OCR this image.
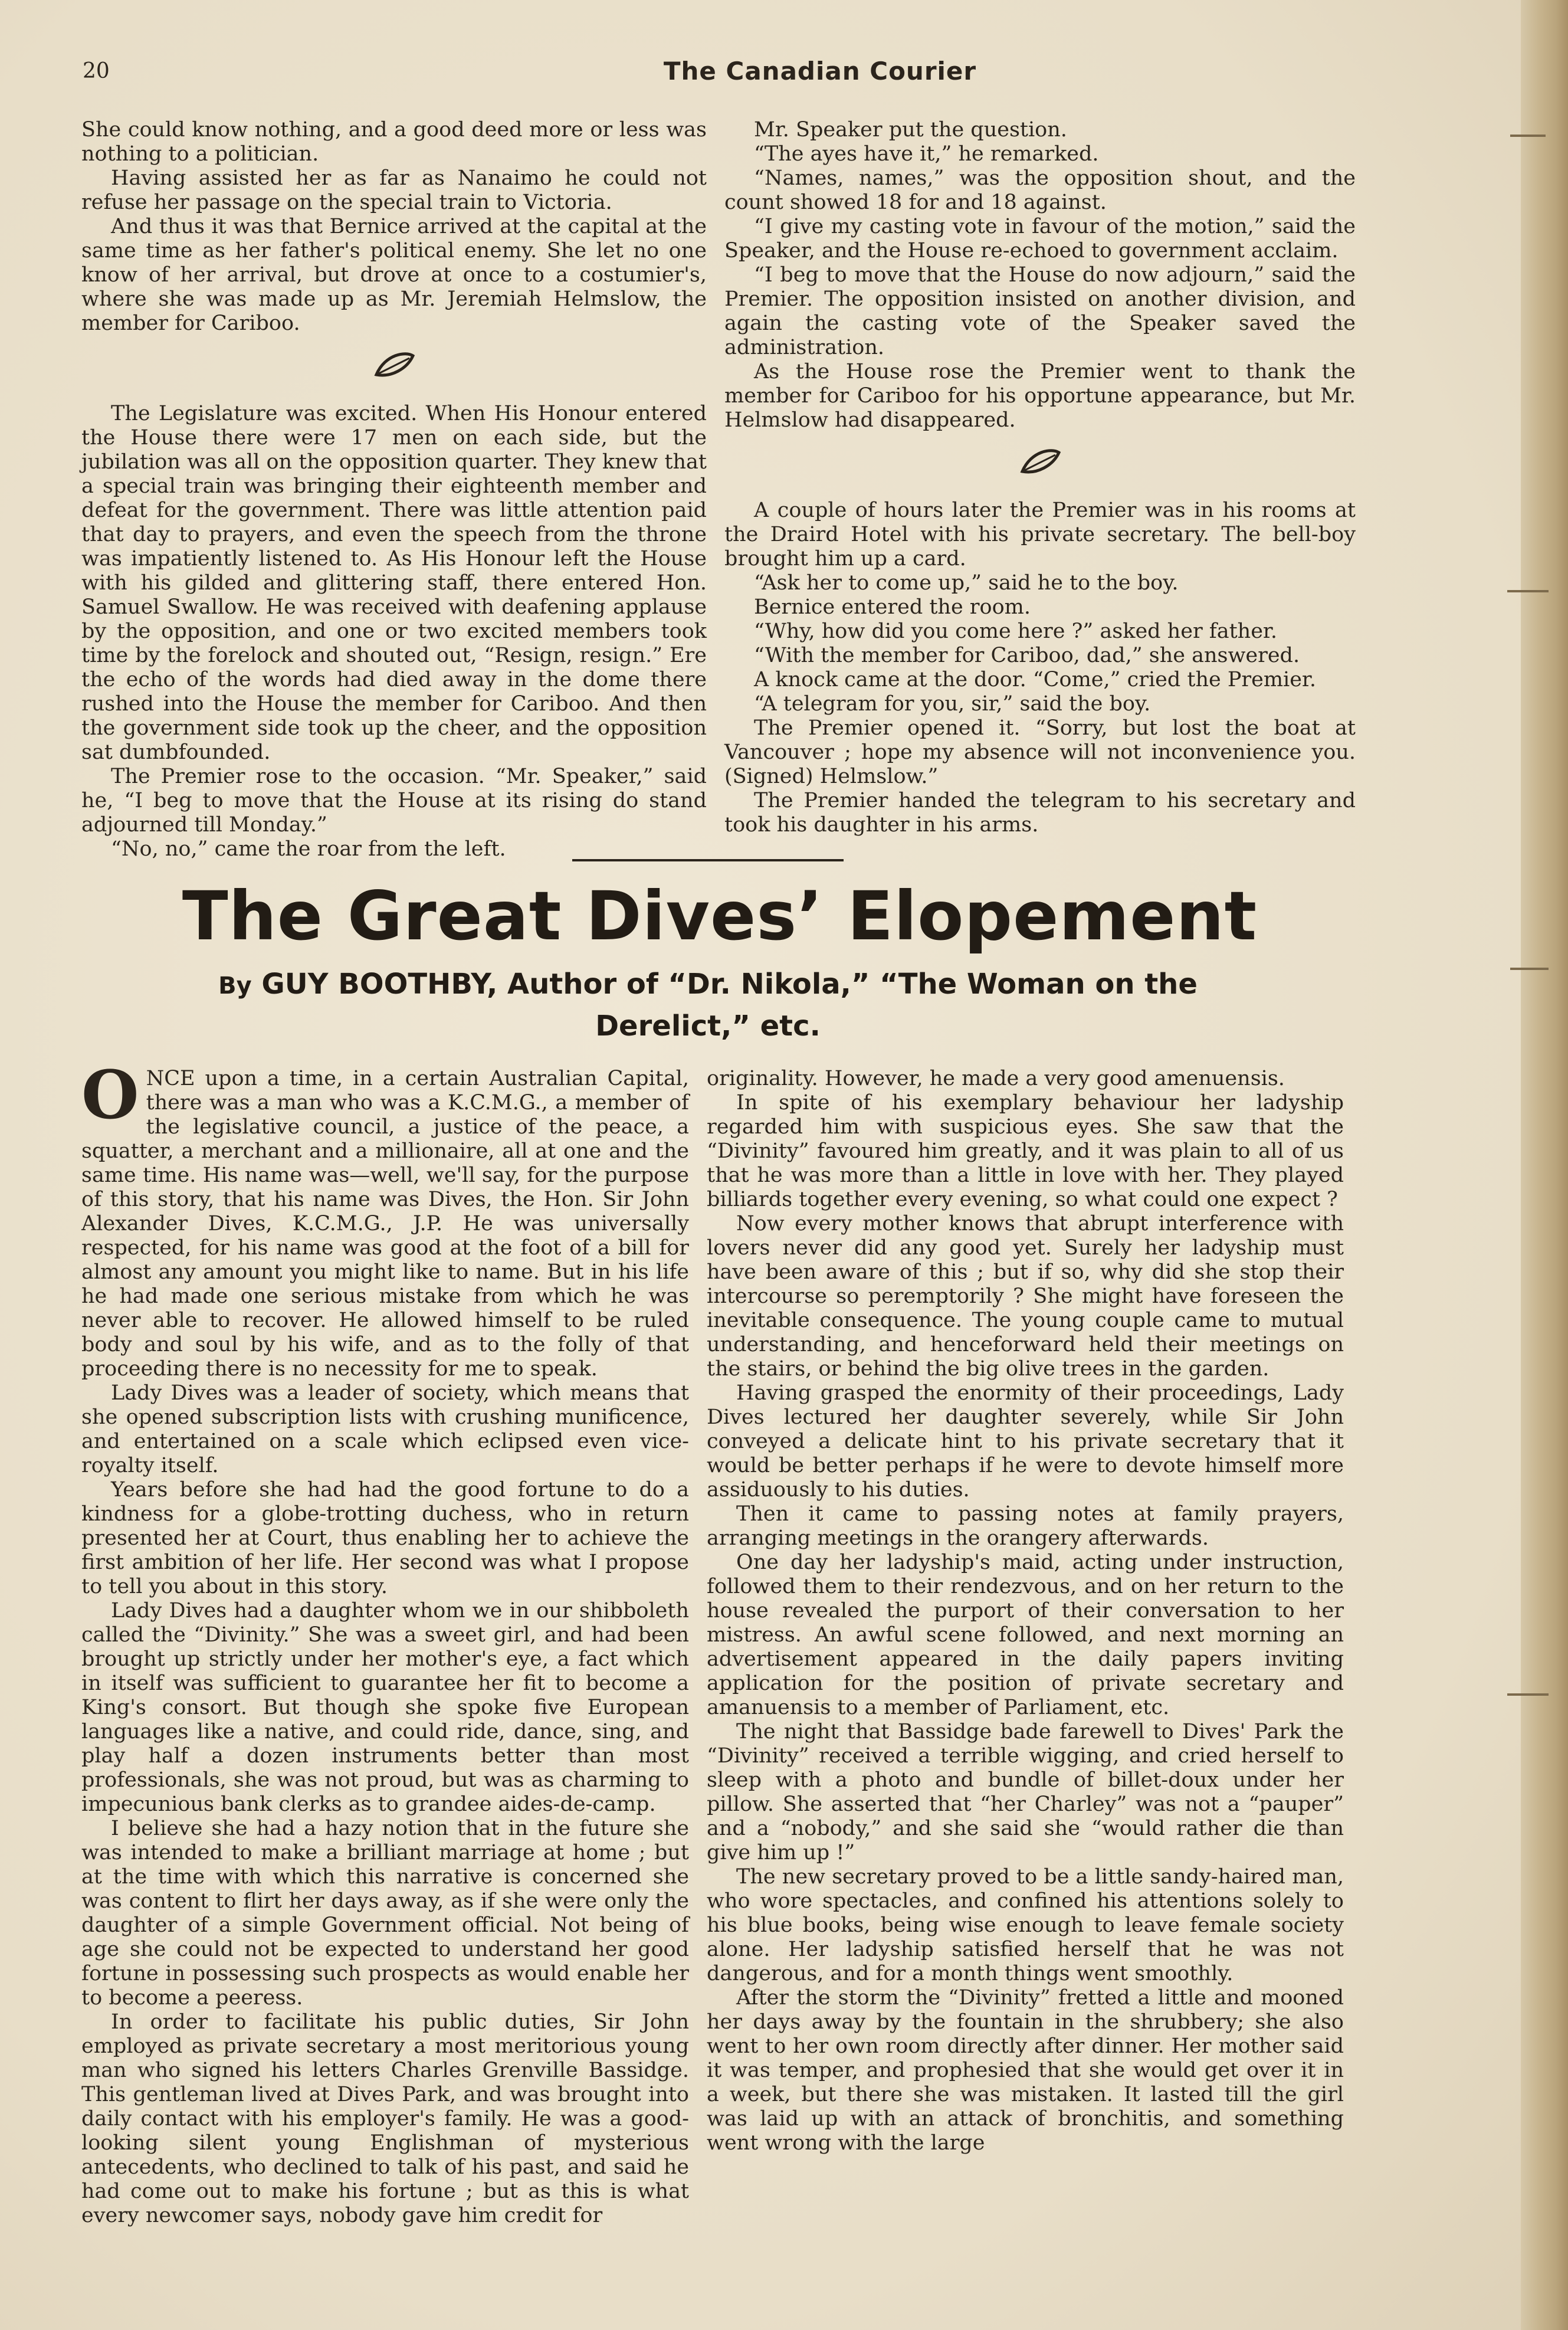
20	The Canadian Courier

She could know nothing, and a good deed more or less was nothing to a politician.

Having assisted her as far as Nanaimo he could not refuse her passage on the special train to Victoria.

And thus it was that Bernice arrived at the capital at the same time as her father's political enemy. She let no one know of her arrival, but drove at once to a costumier's, where she was made up as Mr. Jeremiah Helmslow, the member for Cariboo.

The Legislature was excited. When His Honour entered the House there were 17 men on each side, but the jubilation was all on the opposition quarter. They knew that a special train was bringing their eighteenth member and defeat for the government. There was little attention paid that day to prayers, and even the speech from the throne was impatiently listened to. As His Honour left the House with his gilded and glittering staff, there entered Hon. Samuel Swallow. He was received with deafening applause by the opposition, and one or two excited members took time by the forelock and shouted out, “Resign, resign.” Ere the echo of the words had died away in the dome there rushed into the House the member for Cariboo. And then the government side took up the cheer, and the opposition sat dumbfounded.

The Premier rose to the occasion. “Mr. Speaker,” said he, “I beg to move that the House at its rising do stand adjourned till Monday.”

“No, no,” came the roar from the left.

Mr. Speaker put the question.

“The ayes have it,” he remarked.

“Names, names,” was the opposition shout, and the count showed 18 for and 18 against.

“I give my casting vote in favour of the motion,” said the Speaker, and the House re-echoed to government acclaim.

“I beg to move that the House do now adjourn,” said the Premier. The opposition insisted on another division, and again the casting vote of the Speaker saved the administration.

As the House rose the Premier went to thank the member for Cariboo for his opportune appearance, but Mr. Helmslow had disappeared.

A couple of hours later the Premier was in his rooms at the Draird Hotel with his private secretary. The bell-boy brought him up a card.

“Ask her to come up,” said he to the boy.

Bernice entered the room.

“Why, how did you come here ?” asked her father.

“With the member for Cariboo, dad,” she answered.

A knock came at the door. “Come,” cried the Premier.

“A telegram for you, sir,” said the boy.

The Premier opened it. “Sorry, but lost the boat at Vancouver ; hope my absence will not inconvenience you. (Signed) Helmslow.”

The Premier handed the telegram to his secretary and took his daughter in his arms.

The Great Dives’ Elopement
By GUY BOOTHBY, Author of “Dr. Nikola,” “The Woman on the
Derelict,” etc.

ONCE upon a time, in a certain Australian Capital, there was a man who was a K.C.M.G., a member of the legislative council, a justice of the peace, a squatter, a merchant and a millionaire, all at one and the same time. His name was—well, we'll say, for the purpose of this story, that his name was Dives, the Hon. Sir John Alexander Dives, K.C.M.G., J.P. He was universally respected, for his name was good at the foot of a bill for almost any amount you might like to name. But in his life he had made one serious mistake from which he was never able to recover. He allowed himself to be ruled body and soul by his wife, and as to the folly of that proceeding there is no necessity for me to speak.

Lady Dives was a leader of society, which means that she opened subscription lists with crushing munificence, and entertained on a scale which eclipsed even vice-royalty itself.

Years before she had had the good fortune to do a kindness for a globe-trotting duchess, who in return presented her at Court, thus enabling her to achieve the first ambition of her life. Her second was what I propose to tell you about in this story.

Lady Dives had a daughter whom we in our shibboleth called the “Divinity.” She was a sweet girl, and had been brought up strictly under her mother's eye, a fact which in itself was sufficient to guarantee her fit to become a King's consort. But though she spoke five European languages like a native, and could ride, dance, sing, and play half a dozen instruments better than most professionals, she was not proud, but was as charming to impecunious bank clerks as to grandee aides-de-camp.

I believe she had a hazy notion that in the future she was intended to make a brilliant marriage at home ; but at the time with which this narrative is concerned she was content to flirt her days away, as if she were only the daughter of a simple Government official. Not being of age she could not be expected to understand her good fortune in possessing such prospects as would enable her to become a peeress.

In order to facilitate his public duties, Sir John employed as private secretary a most meritorious young man who signed his letters Charles Grenville Bassidge. This gentleman lived at Dives Park, and was brought into daily contact with his employer's family. He was a good-looking silent young Englishman of mysterious antecedents, who declined to talk of his past, and said he had come out to make his fortune ; but as this is what every newcomer says, nobody gave him credit for

originality. However, he made a very good amenuensis.

In spite of his exemplary behaviour her ladyship regarded him with suspicious eyes. She saw that the “Divinity” favoured him greatly, and it was plain to all of us that he was more than a little in love with her. They played billiards together every evening, so what could one expect ?

Now every mother knows that abrupt interference with lovers never did any good yet. Surely her ladyship must have been aware of this ; but if so, why did she stop their intercourse so peremptorily ? She might have foreseen the inevitable consequence. The young couple came to mutual understanding, and henceforward held their meetings on the stairs, or behind the big olive trees in the garden.

Having grasped the enormity of their proceedings, Lady Dives lectured her daughter severely, while Sir John conveyed a delicate hint to his private secretary that it would be better perhaps if he were to devote himself more assiduously to his duties.

Then it came to passing notes at family prayers, arranging meetings in the orangery afterwards.

One day her ladyship's maid, acting under instruction, followed them to their rendezvous, and on her return to the house revealed the purport of their conversation to her mistress. An awful scene followed, and next morning an advertisement appeared in the daily papers inviting application for the position of private secretary and amanuensis to a member of Parliament, etc.

The night that Bassidge bade farewell to Dives' Park the “Divinity” received a terrible wigging, and cried herself to sleep with a photo and bundle of billet-doux under her pillow. She asserted that “her Charley” was not a “pauper” and a “nobody,” and she said she “would rather die than give him up !”

The new secretary proved to be a little sandy-haired man, who wore spectacles, and confined his attentions solely to his blue books, being wise enough to leave female society alone. Her ladyship satisfied herself that he was not dangerous, and for a month things went smoothly.

After the storm the “Divinity” fretted a little and mooned her days away by the fountain in the shrubbery; she also went to her own room directly after dinner. Her mother said it was temper, and prophesied that she would get over it in a week, but there she was mistaken. It lasted till the girl was laid up with an attack of bronchitis, and something went wrong with the large
